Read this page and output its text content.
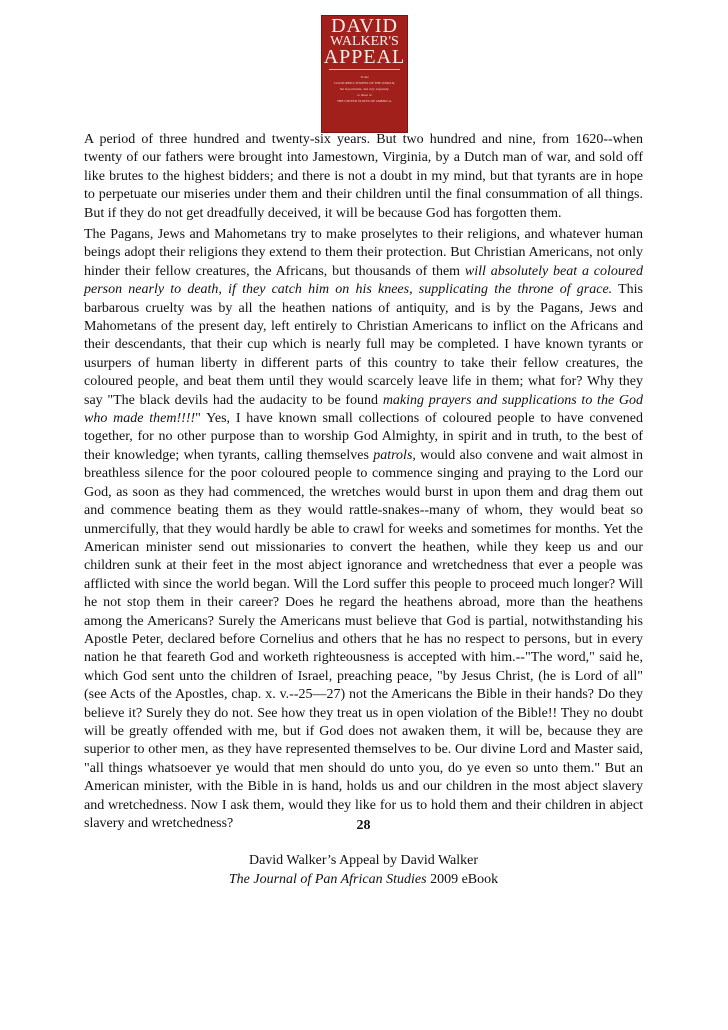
DAVID
WALKER'S
APPEAL
To the
COLOURED CITIZENS OF THE WORLD,
but in particular, and very expressly,
to those of
THE UNITED STATES OF AMERICA.

A period of three hundred and twenty-six years. But two hundred and nine, from 1620--when twenty of our fathers were brought into Jamestown, Virginia, by a Dutch man of war, and sold off like brutes to the highest bidders; and there is not a doubt in my mind, but that tyrants are in hope to perpetuate our miseries under them and their children until the final consummation of all things. But if they do not get dreadfully deceived, it will be because God has forgotten them.

The Pagans, Jews and Mahometans try to make proselytes to their religions, and whatever human beings adopt their religions they extend to them their protection. But Christian Americans, not only hinder their fellow creatures, the Africans, but thousands of them will absolutely beat a coloured person nearly to death, if they catch him on his knees, supplicating the throne of grace. This barbarous cruelty was by all the heathen nations of antiquity, and is by the Pagans, Jews and Mahometans of the present day, left entirely to Christian Americans to inflict on the Africans and their descendants, that their cup which is nearly full may be completed. I have known tyrants or usurpers of human liberty in different parts of this country to take their fellow creatures, the coloured people, and beat them until they would scarcely leave life in them; what for? Why they say "The black devils had the audacity to be found making prayers and supplications to the God who made them!!!!" Yes, I have known small collections of coloured people to have convened together, for no other purpose than to worship God Almighty, in spirit and in truth, to the best of their knowledge; when tyrants, calling themselves patrols, would also convene and wait almost in breathless silence for the poor coloured people to commence singing and praying to the Lord our God, as soon as they had commenced, the wretches would burst in upon them and drag them out and commence beating them as they would rattle-snakes--many of whom, they would beat so unmercifully, that they would hardly be able to crawl for weeks and sometimes for months. Yet the American minister send out missionaries to convert the heathen, while they keep us and our children sunk at their feet in the most abject ignorance and wretchedness that ever a people was afflicted with since the world began. Will the Lord suffer this people to proceed much longer? Will he not stop them in their career? Does he regard the heathens abroad, more than the heathens among the Americans? Surely the Americans must believe that God is partial, notwithstanding his Apostle Peter, declared before Cornelius and others that he has no respect to persons, but in every nation he that feareth God and worketh righteousness is accepted with him.--"The word," said he, which God sent unto the children of Israel, preaching peace, "by Jesus Christ, (he is Lord of all" (see Acts of the Apostles, chap. x. v.--25—27) not the Americans the Bible in their hands? Do they believe it? Surely they do not. See how they treat us in open violation of the Bible!! They no doubt will be greatly offended with me, but if God does not awaken them, it will be, because they are superior to other men, as they have represented themselves to be. Our divine Lord and Master said, "all things whatsoever ye would that men should do unto you, do ye even so unto them." But an American minister, with the Bible in is hand, holds us and our children in the most abject slavery and wretchedness. Now I ask them, would they like for us to hold them and their children in abject slavery and wretchedness?	28
David Walker’s Appeal by David Walker
The Journal of Pan African Studies 2009 eBook
